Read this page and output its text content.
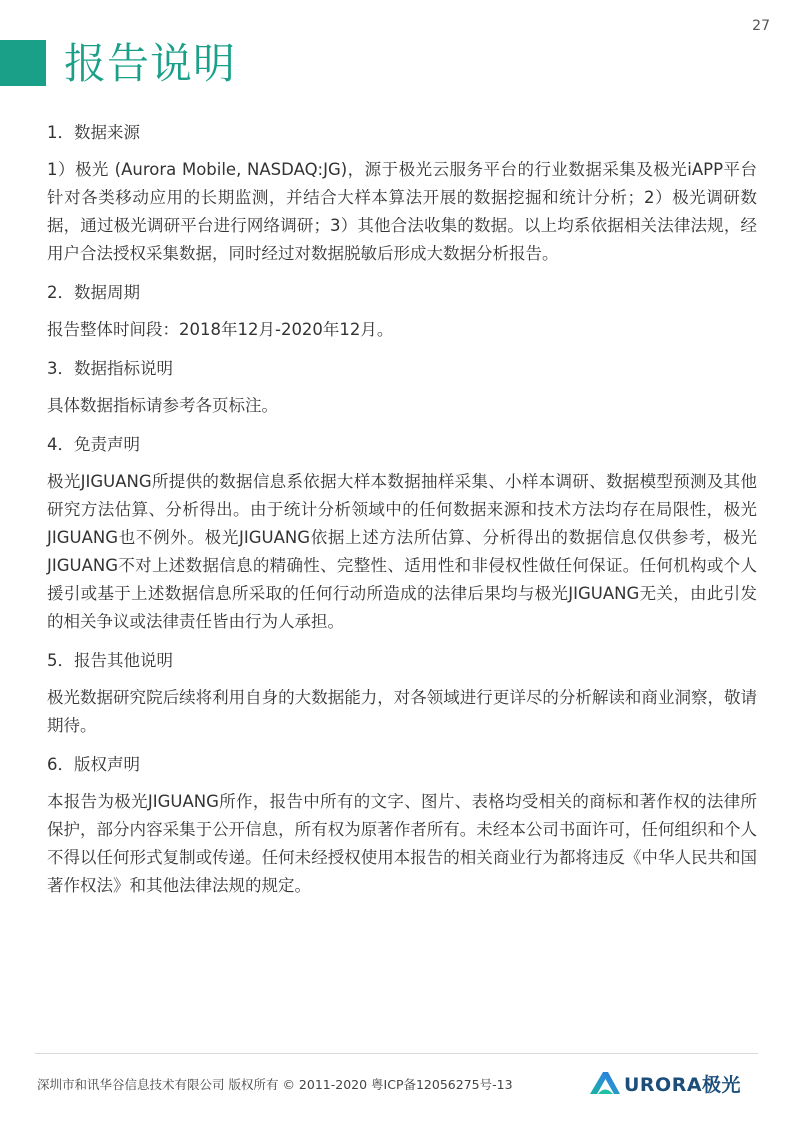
27
报告说明

1．数据来源

1）极光 (Aurora Mobile, NASDAQ:JG)，源于极光云服务平台的行业数据采集及极光iAPP平台针对各类移动应用的长期监测，并结合大样本算法开展的数据挖掘和统计分析；2）极光调研数据，通过极光调研平台进行网络调研；3）其他合法收集的数据。以上均系依据相关法律法规，经用户合法授权采集数据，同时经过对数据脱敏后形成大数据分析报告。

2．数据周期

报告整体时间段：2018年12月-2020年12月。

3．数据指标说明

具体数据指标请参考各页标注。

4．免责声明

极光JIGUANG所提供的数据信息系依据大样本数据抽样采集、小样本调研、数据模型预测及其他研究方法估算、分析得出。由于统计分析领域中的任何数据来源和技术方法均存在局限性，极光JIGUANG也不例外。极光JIGUANG依据上述方法所估算、分析得出的数据信息仅供参考，极光JIGUANG不对上述数据信息的精确性、完整性、适用性和非侵权性做任何保证。任何机构或个人援引或基于上述数据信息所采取的任何行动所造成的法律后果均与极光JIGUANG无关，由此引发的相关争议或法律责任皆由行为人承担。

5．报告其他说明

极光数据研究院后续将利用自身的大数据能力，对各领域进行更详尽的分析解读和商业洞察，敬请期待。

6．版权声明

本报告为极光JIGUANG所作，报告中所有的文字、图片、表格均受相关的商标和著作权的法律所保护，部分内容采集于公开信息，所有权为原著作者所有。未经本公司书面许可，任何组织和个人不得以任何形式复制或传递。任何未经授权使用本报告的相关商业行为都将违反《中华人民共和国著作权法》和其他法律法规的规定。

深圳市和讯华谷信息技术有限公司 版权所有 © 2011-2020 粤ICP备12056275号-13	URORA极光
